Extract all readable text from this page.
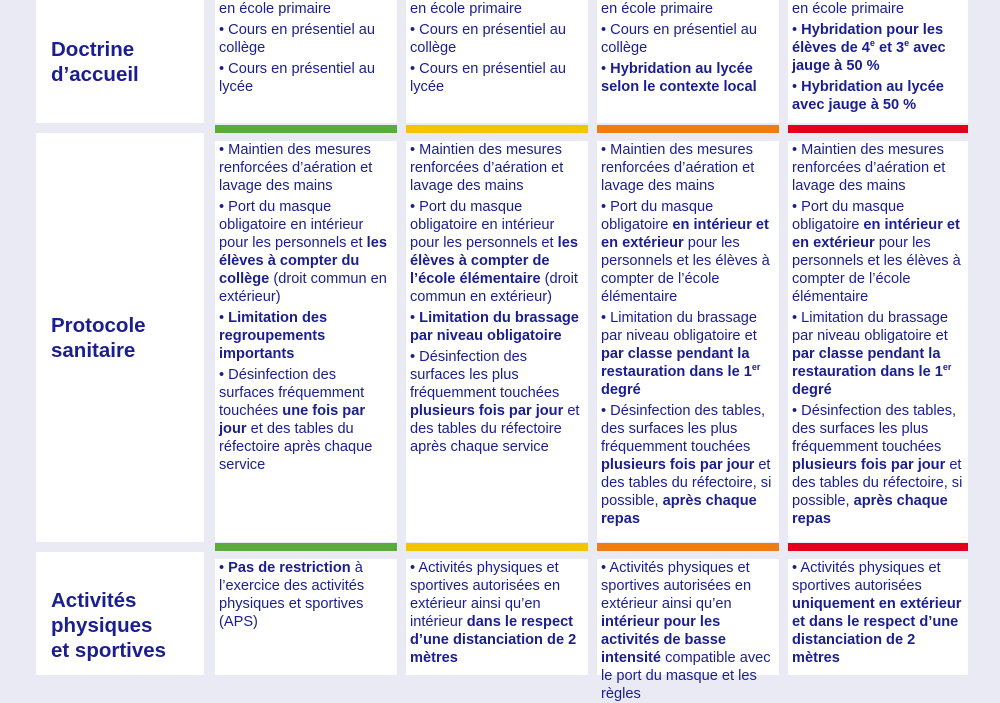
Doctrine
d’accueil
Protocole
sanitaire
Activités
physiques
et sportives
en école primaire
• Cours en présentiel au collège
• Cours en présentiel au lycée
en école primaire
• Cours en présentiel au collège
• Cours en présentiel au lycée
en école primaire
• Cours en présentiel au collège
• Hybridation au lycée selon le contexte local
en école primaire
• Hybridation pour les élèves de 4e et 3e avec jauge à 50 %
• Hybridation au lycée avec jauge à 50 %
• Maintien des mesures renforcées d’aération et lavage des mains
• Port du masque obligatoire en intérieur pour les personnels et les élèves à compter du collège (droit commun en extérieur)
• Limitation des regroupements importants
• Désinfection des surfaces fréquemment touchées une fois par jour et des tables du réfectoire après chaque service
• Maintien des mesures renforcées d’aération et lavage des mains
• Port du masque obligatoire en intérieur pour les personnels et les élèves à compter de l’école élémentaire (droit commun en extérieur)
• Limitation du brassage par niveau obligatoire
• Désinfection des surfaces les plus fréquemment touchées plusieurs fois par jour et des tables du réfectoire après chaque service
• Maintien des mesures renforcées d’aération et lavage des mains
• Port du masque obligatoire en intérieur et en extérieur pour les personnels et les élèves à compter de l’école élémentaire
• Limitation du brassage par niveau obligatoire et par classe pendant la restauration dans le 1er degré
• Désinfection des tables, des surfaces les plus fréquemment touchées plusieurs fois par jour et des tables du réfectoire, si possible, après chaque repas
• Maintien des mesures renforcées d’aération et lavage des mains
• Port du masque obligatoire en intérieur et en extérieur pour les personnels et les élèves à compter de l’école élémentaire
• Limitation du brassage par niveau obligatoire et par classe pendant la restauration dans le 1er degré
• Désinfection des tables, des surfaces les plus fréquemment touchées plusieurs fois par jour et des tables du réfectoire, si possible, après chaque repas
• Pas de restriction à l’exercice des activités physiques et sportives (APS)
• Activités physiques et sportives autorisées en extérieur ainsi qu’en intérieur dans le respect d’une distanciation de 2 mètres
• Activités physiques et sportives autorisées en extérieur ainsi qu’en intérieur pour les activités de basse intensité compatible avec le port du masque et les règles
• Activités physiques et sportives autorisées uniquement en extérieur et dans le respect d’une distanciation de 2 mètres
